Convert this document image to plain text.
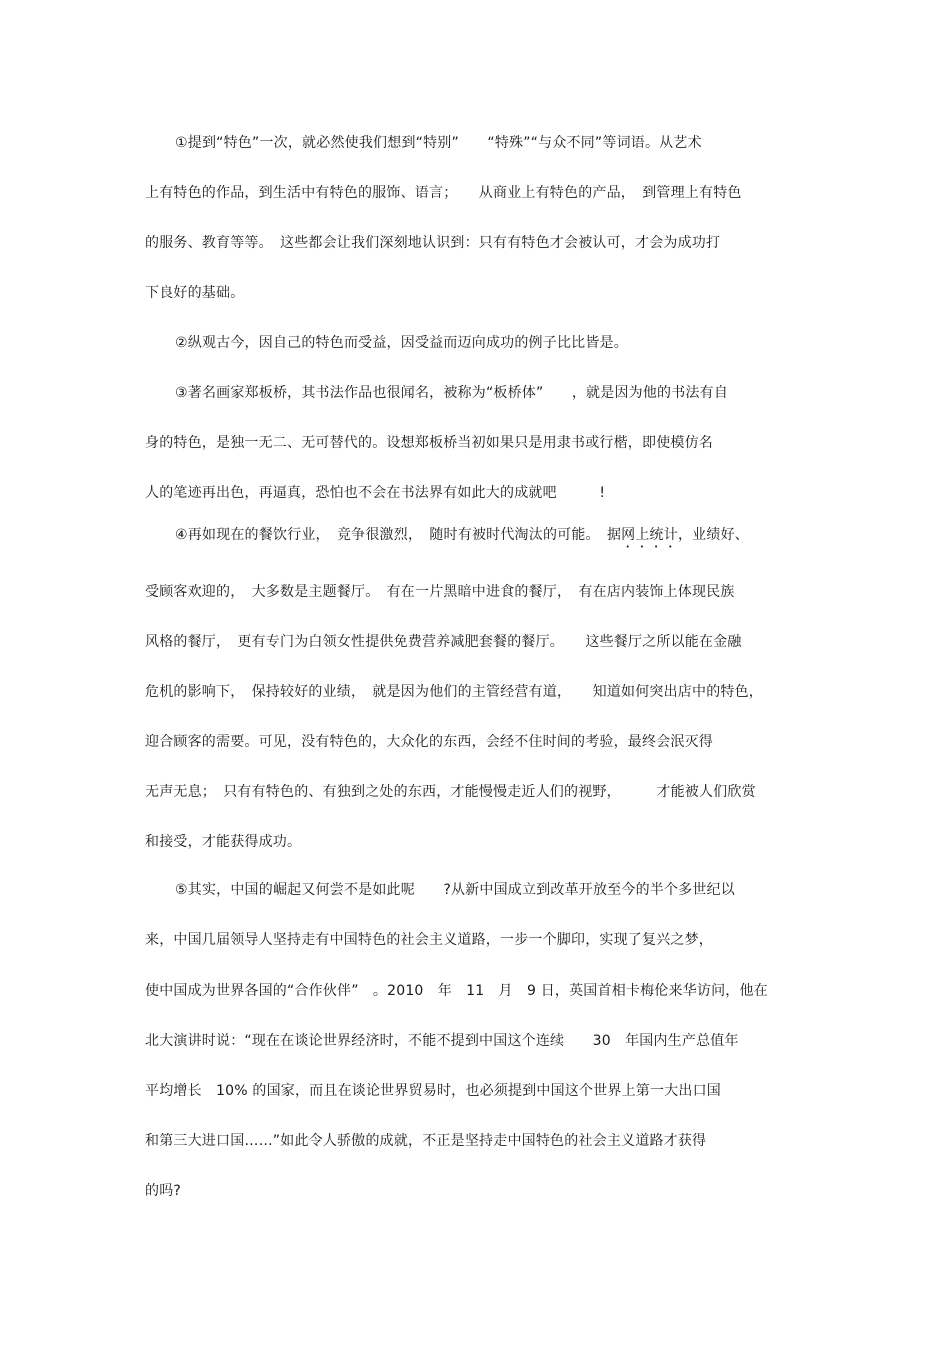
①提到“特色”一次，就必然使我们想到“特别”　　“特殊”“与众不同”等词语。从艺术
上有特色的作品，到生活中有特色的服饰、语言；　　从商业上有特色的产品，　到管理上有特色
的服务、教育等等。　这些都会让我们深刻地认识到：只有有特色才会被认可，才会为成功打
下良好的基础。
②纵观古今，因自己的特色而受益，因受益而迈向成功的例子比比皆是。
③著名画家郑板桥，其书法作品也很闻名，被称为“板桥体”　　，就是因为他的书法有自
身的特色，是独一无二、无可替代的。设想郑板桥当初如果只是用隶书或行楷，即使模仿名
人的笔迹再出色，再逼真，恐怕也不会在书法界有如此大的成就吧　　　!
④再如现在的餐饮行业，　竞争很激烈，　随时有被时代淘汰的可能。　据网上统计，业绩好、
受顾客欢迎的，　大多数是主题餐厅。　有在一片黑暗中进食的餐厅，　有在店内装饰上体现民族
风格的餐厅，　更有专门为白领女性提供免费营养减肥套餐的餐厅。　　这些餐厅之所以能在金融
危机的影响下，　保持较好的业绩，　就是因为他们的主管经营有道，　　知道如何突出店中的特色，
迎合顾客的需要。可见，没有特色的，大众化的东西，会经不住时间的考验，最终会泯灭得
无声无息；　只有有特色的、有独到之处的东西，才能慢慢走近人们的视野，　　　才能被人们欣赏
和接受，才能获得成功。
⑤其实，中国的崛起又何尝不是如此呢　　?从新中国成立到改革开放至今的半个多世纪以
来，中国几届领导人坚持走有中国特色的社会主义道路，一步一个脚印，实现了复兴之梦，
使中国成为世界各国的“合作伙伴”　。2010　年　11　月　9 日，英国首相卡梅伦来华访问，他在
北大演讲时说：“现在在谈论世界经济时，不能不提到中国这个连续　　30　年国内生产总值年
平均增长　10% 的国家，而且在谈论世界贸易时，也必须提到中国这个世界上第一大出口国
和第三大进口国……”如此令人骄傲的成就，不正是坚持走中国特色的社会主义道路才获得
的吗?
